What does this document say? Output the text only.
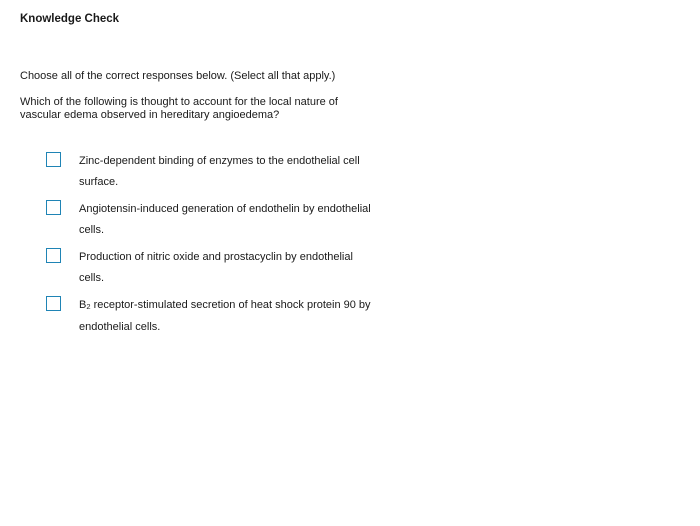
Knowledge Check
Choose all of the correct responses below. (Select all that apply.)
Which of the following is thought to account for the local nature of vascular edema observed in hereditary angioedema?
Zinc-dependent binding of enzymes to the endothelial cell surface.
Angiotensin-induced generation of endothelin by endothelial cells.
Production of nitric oxide and prostacyclin by endothelial cells.
$B_2$ receptor-stimulated secretion of heat shock protein 90 by endothelial cells.
